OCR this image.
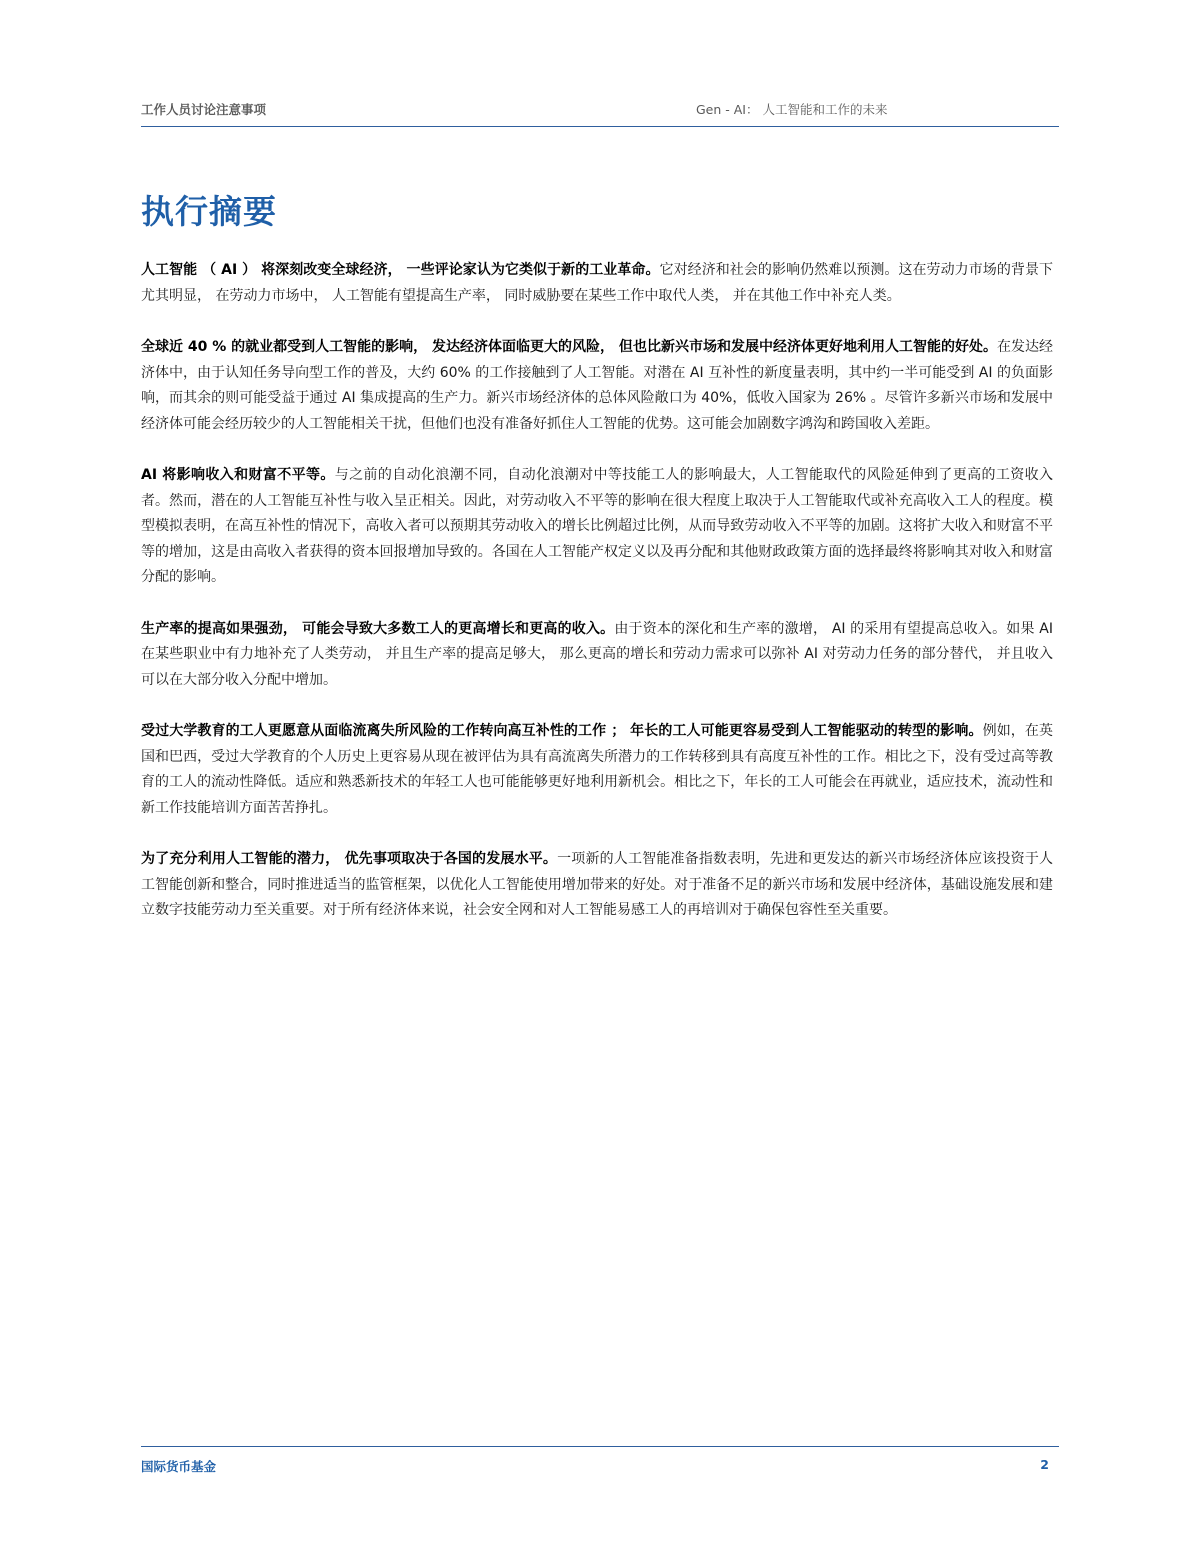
工作人员讨论注意事项	Gen - AI： 人工智能和工作的未来
执行摘要

人工智能 （ AI ） 将深刻改变全球经济， 一些评论家认为它类似于新的工业革命。它对经济和社会的影响仍然难以预测。这在劳动力市场的背景下尤其明显， 在劳动力市场中， 人工智能有望提高生产率， 同时威胁要在某些工作中取代人类， 并在其他工作中补充人类。

全球近 40 % 的就业都受到人工智能的影响， 发达经济体面临更大的风险， 但也比新兴市场和发展中经济体更好地利用人工智能的好处。在发达经济体中，由于认知任务导向型工作的普及，大约 60% 的工作接触到了人工智能。对潜在 AI 互补性的新度量表明，其中约一半可能受到 AI 的负面影响，而其余的则可能受益于通过 AI 集成提高的生产力。新兴市场经济体的总体风险敞口为 40%，低收入国家为 26% 。尽管许多新兴市场和发展中经济体可能会经历较少的人工智能相关干扰，但他们也没有准备好抓住人工智能的优势。这可能会加剧数字鸿沟和跨国收入差距。

AI 将影响收入和财富不平等。与之前的自动化浪潮不同，自动化浪潮对中等技能工人的影响最大，人工智能取代的风险延伸到了更高的工资收入者。然而，潜在的人工智能互补性与收入呈正相关。因此，对劳动收入不平等的影响在很大程度上取决于人工智能取代或补充高收入工人的程度。模型模拟表明，在高互补性的情况下，高收入者可以预期其劳动收入的增长比例超过比例，从而导致劳动收入不平等的加剧。这将扩大收入和财富不平等的增加，这是由高收入者获得的资本回报增加导致的。各国在人工智能产权定义以及再分配和其他财政政策方面的选择最终将影响其对收入和财富分配的影响。

生产率的提高如果强劲， 可能会导致大多数工人的更高增长和更高的收入。由于资本的深化和生产率的激增， AI 的采用有望提高总收入。如果 AI 在某些职业中有力地补充了人类劳动， 并且生产率的提高足够大， 那么更高的增长和劳动力需求可以弥补 AI 对劳动力任务的部分替代， 并且收入可以在大部分收入分配中增加。

受过大学教育的工人更愿意从面临流离失所风险的工作转向高互补性的工作 ； 年长的工人可能更容易受到人工智能驱动的转型的影响。例如，在英国和巴西，受过大学教育的个人历史上更容易从现在被评估为具有高流离失所潜力的工作转移到具有高度互补性的工作。相比之下，没有受过高等教育的工人的流动性降低。适应和熟悉新技术的年轻工人也可能能够更好地利用新机会。相比之下，年长的工人可能会在再就业，适应技术，流动性和新工作技能培训方面苦苦挣扎。

为了充分利用人工智能的潜力， 优先事项取决于各国的发展水平。一项新的人工智能准备指数表明，先进和更发达的新兴市场经济体应该投资于人工智能创新和整合，同时推进适当的监管框架，以优化人工智能使用增加带来的好处。对于准备不足的新兴市场和发展中经济体，基础设施发展和建立数字技能劳动力至关重要。对于所有经济体来说，社会安全网和对人工智能易感工人的再培训对于确保包容性至关重要。

国际货币基金	2
